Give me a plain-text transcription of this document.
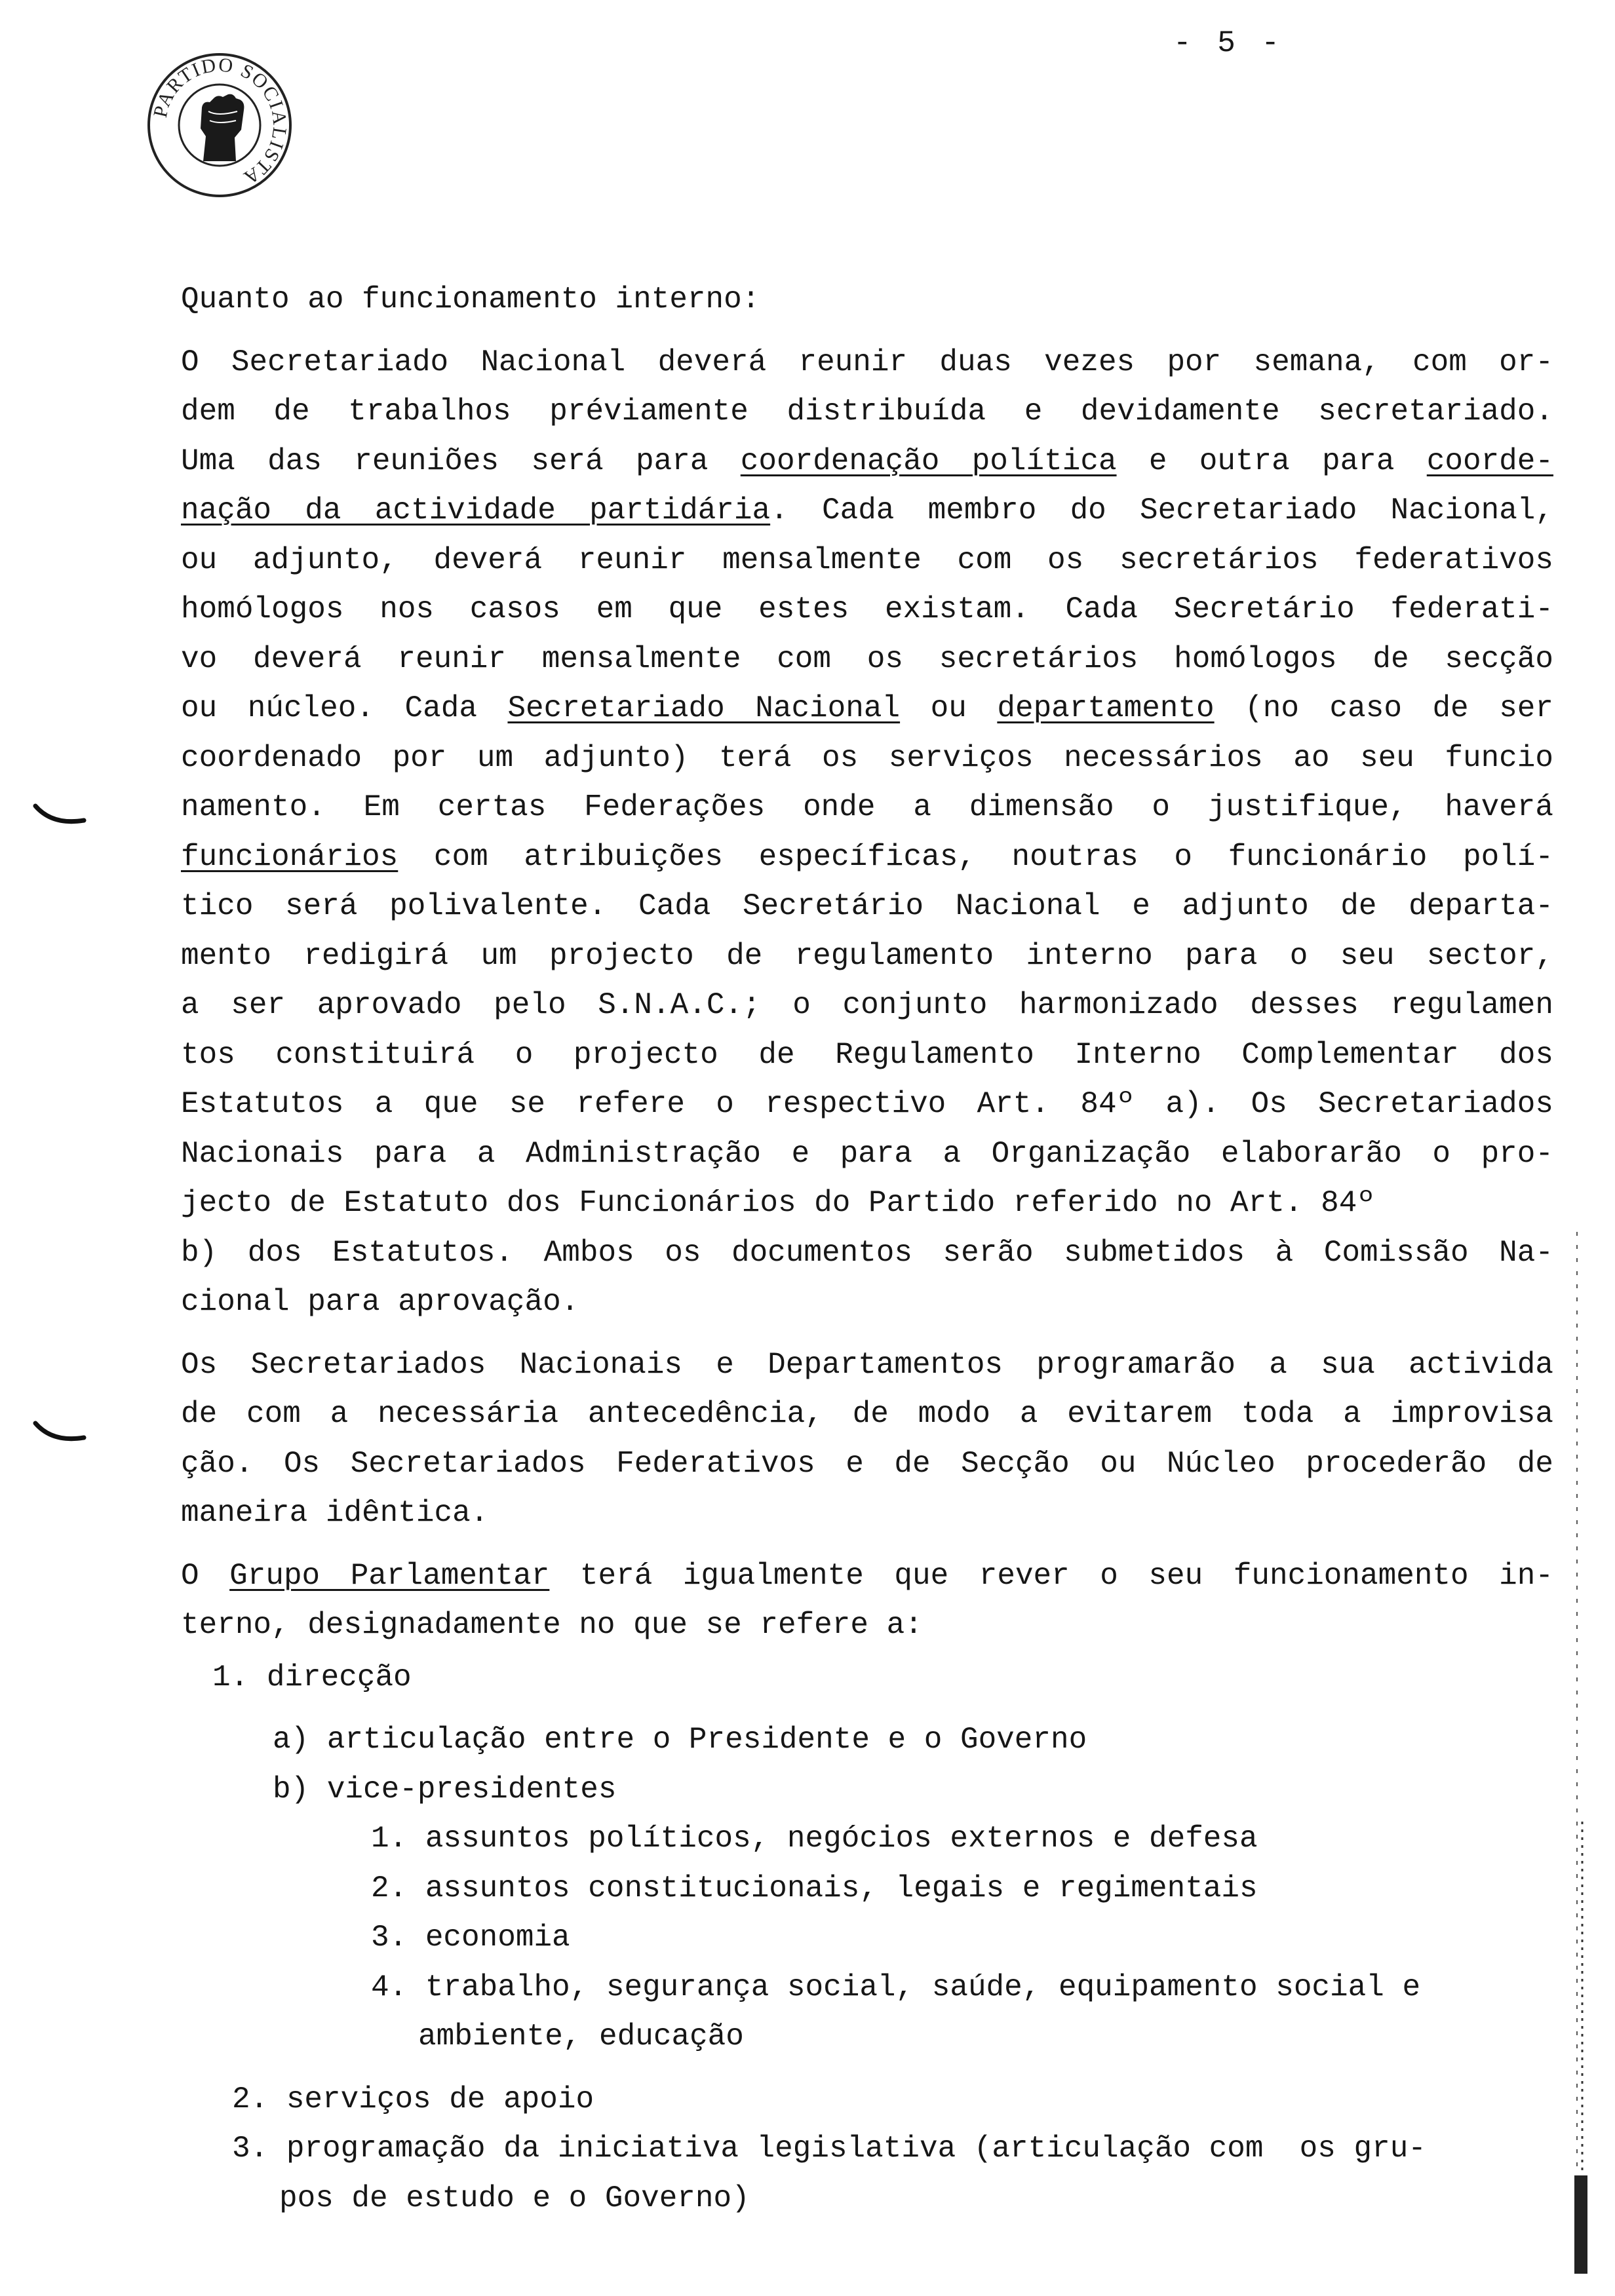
- 5 -
PARTIDO SOCIALISTA

Quanto ao funcionamento interno:

O Secretariado Nacional deverá reunir duas vezes por semana, com or-
dem de trabalhos préviamente distribuída e devidamente secretariado.
Uma das reuniões será para coordenação política e outra para coorde-
nação da actividade partidária. Cada membro do Secretariado Nacional,
ou adjunto, deverá reunir mensalmente com os secretários federativos
homólogos nos casos em que estes existam. Cada Secretário federati-
vo deverá reunir mensalmente com os secretários homólogos de secção
ou núcleo. Cada Secretariado Nacional ou departamento (no caso de ser
coordenado por um adjunto) terá os serviços necessários ao seu funcio
namento. Em certas Federações onde a dimensão o justifique, haverá
funcionários com atribuições específicas, noutras o funcionário polí-
tico será polivalente. Cada Secretário Nacional e adjunto de departa-
mento redigirá um projecto de regulamento interno para o seu sector,
a ser aprovado pelo S.N.A.C.; o conjunto harmonizado desses regulamen
tos constituirá o projecto de Regulamento Interno Complementar dos
Estatutos a que se refere o respectivo Art. 84º a). Os Secretariados
Nacionais para a Administração e para a Organização elaborarão o pro-
jecto de Estatuto dos Funcionários do Partido referido no Art. 84º
b) dos Estatutos. Ambos os documentos serão submetidos à Comissão Na-
cional para aprovação.

Os Secretariados Nacionais e Departamentos programarão a sua activida
de com a necessária antecedência, de modo a evitarem toda a improvisa
ção. Os Secretariados Federativos e de Secção ou Núcleo procederão de
maneira idêntica.

O Grupo Parlamentar terá igualmente que rever o seu funcionamento in-
terno, designadamente no que se refere a:

1. direcção
a) articulação entre o Presidente e o Governo
b) vice-presidentes
1. assuntos políticos, negócios externos e defesa
2. assuntos constitucionais, legais e regimentais
3. economia
4. trabalho, segurança social, saúde, equipamento social e
ambiente, educação
2. serviços de apoio
3. programação da iniciativa legislativa (articulação com  os gru-
pos de estudo e o Governo)
